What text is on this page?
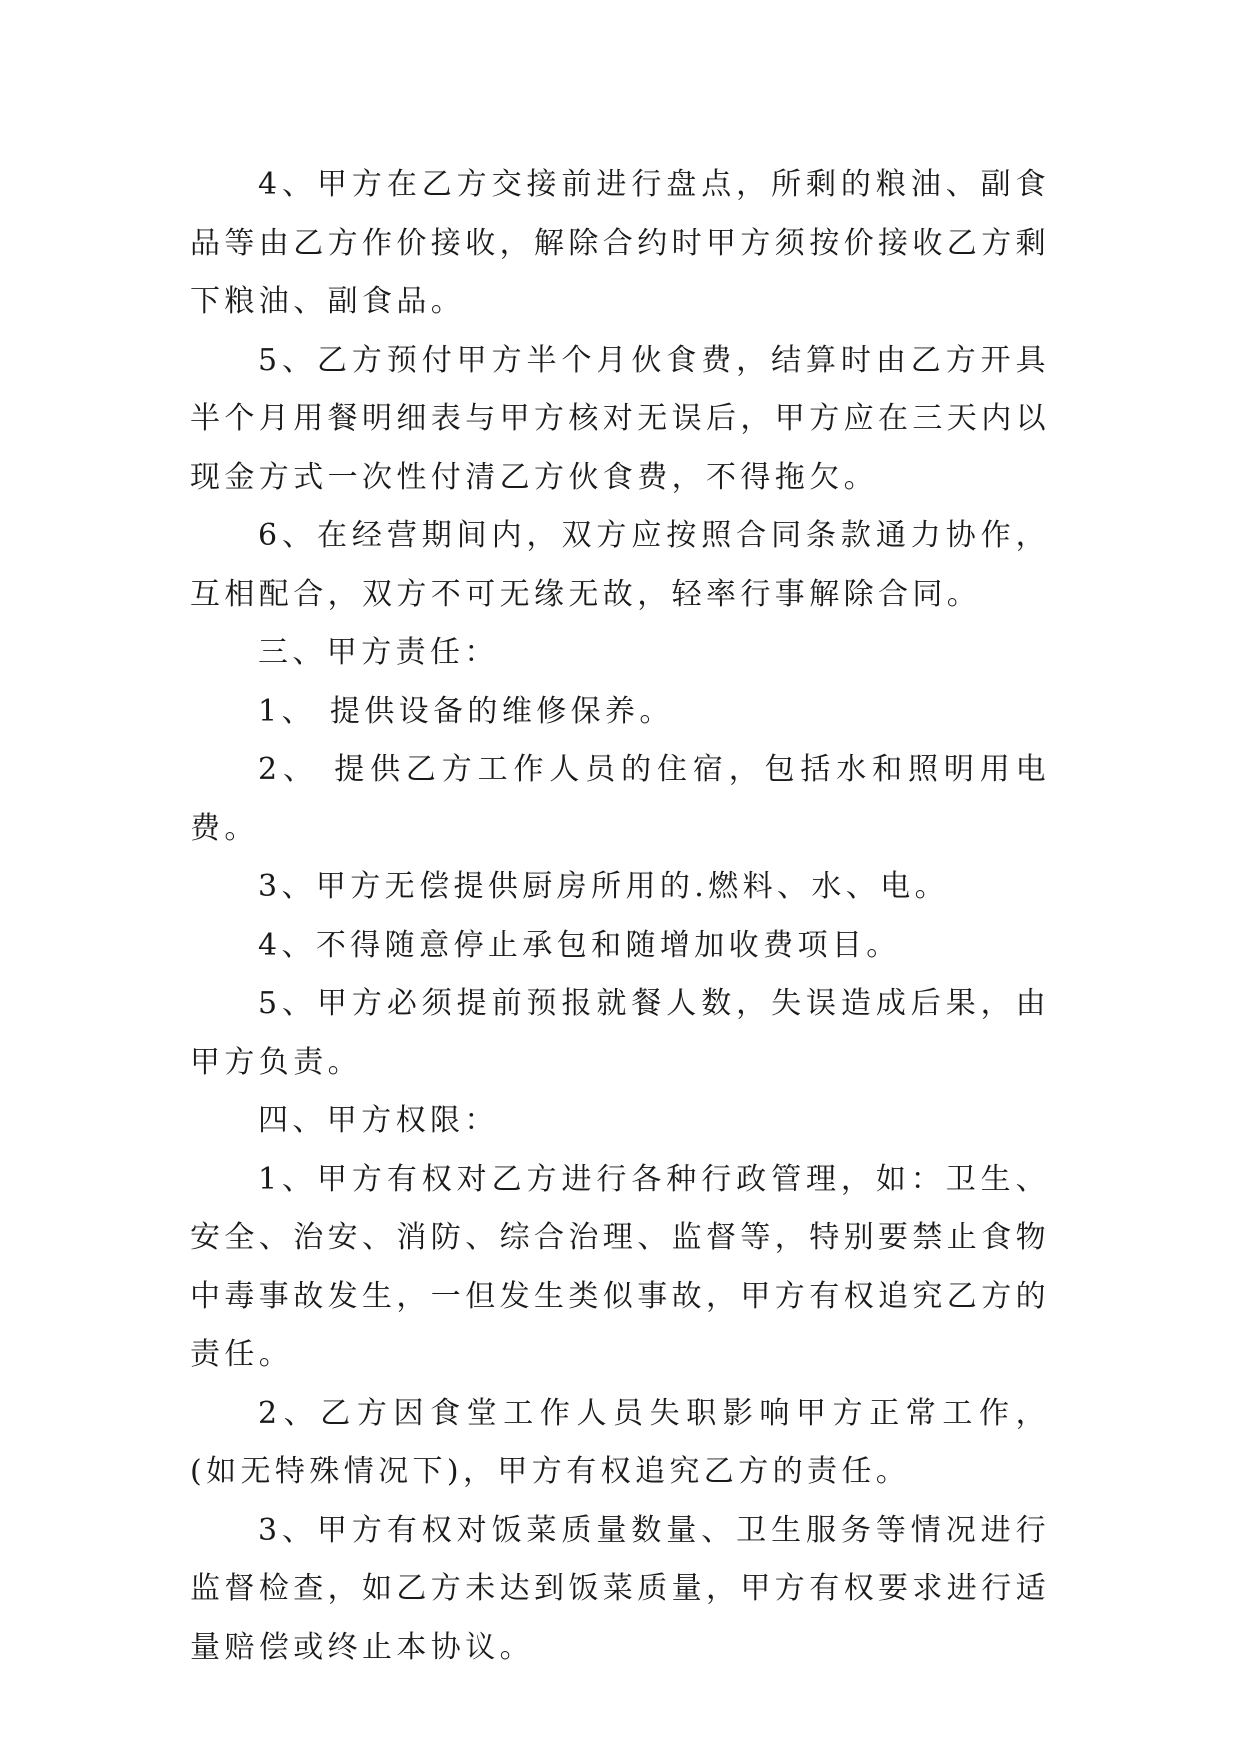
4、甲方在乙方交接前进行盘点，所剩的粮油、副食品等由乙方作价接收，解除合约时甲方须按价接收乙方剩下粮油、副食品。

5、乙方预付甲方半个月伙食费，结算时由乙方开具半个月用餐明细表与甲方核对无误后，甲方应在三天内以现金方式一次性付清乙方伙食费，不得拖欠。

6、在经营期间内，双方应按照合同条款通力协作，互相配合，双方不可无缘无故，轻率行事解除合同。

三、甲方责任：

1、 提供设备的维修保养。

2、 提供乙方工作人员的住宿，包括水和照明用电费。

3、甲方无偿提供厨房所用的.燃料、水、电。

4、不得随意停止承包和随增加收费项目。

5、甲方必须提前预报就餐人数，失误造成后果，由甲方负责。

四、甲方权限：

1、甲方有权对乙方进行各种行政管理，如：卫生、安全、治安、消防、综合治理、监督等，特别要禁止食物中毒事故发生，一但发生类似事故，甲方有权追究乙方的责任。

2、乙方因食堂工作人员失职影响甲方正常工作，(如无特殊情况下)，甲方有权追究乙方的责任。

3、甲方有权对饭菜质量数量、卫生服务等情况进行监督检查，如乙方未达到饭菜质量，甲方有权要求进行适量赔偿或终止本协议。
